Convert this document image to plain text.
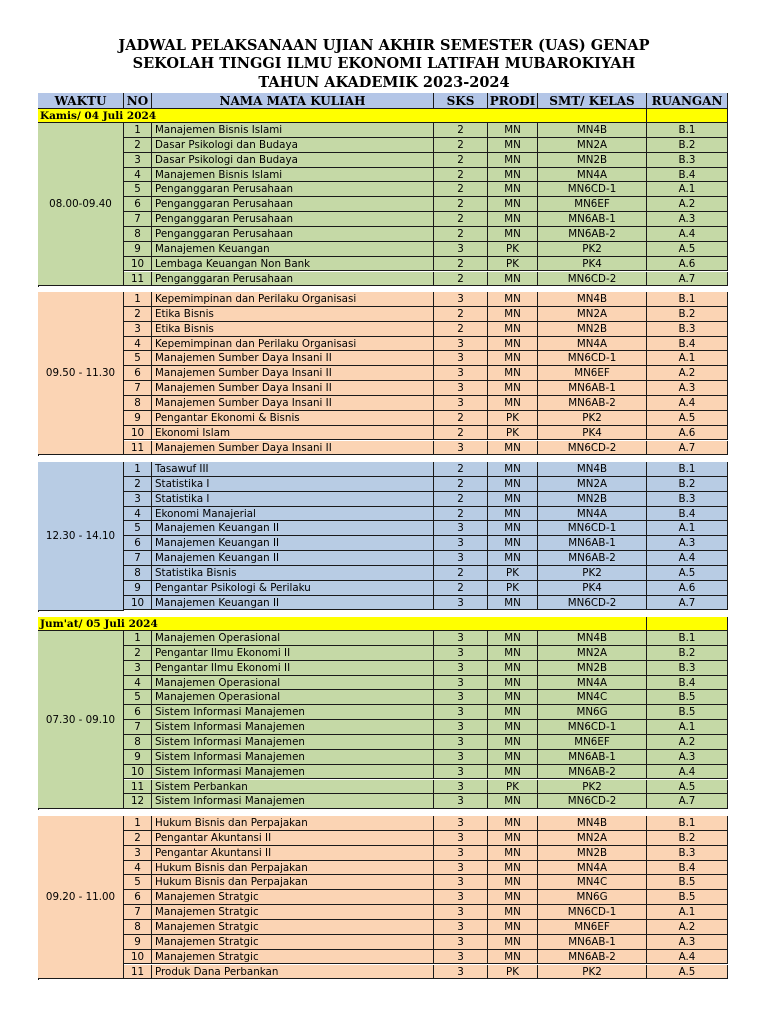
JADWAL PELAKSANAAN UJIAN AKHIR SEMESTER (UAS) GENAP
SEKOLAH TINGGI ILMU EKONOMI LATIFAH MUBAROKIYAH
TAHUN AKADEMIK 2023-2024
WAKTU	NO	NAMA MATA KULIAH	SKS	PRODI	SMT/ KELAS	RUANGAN
Kamis/ 04 Juli 2024
08.00-09.40
1	Manajemen Bisnis Islami	2	MN	MN4B	B.1
2	Dasar Psikologi dan Budaya	2	MN	MN2A	B.2
3	Dasar Psikologi dan Budaya	2	MN	MN2B	B.3
4	Manajemen Bisnis Islami	2	MN	MN4A	B.4
5	Penganggaran Perusahaan	2	MN	MN6CD-1	A.1
6	Penganggaran Perusahaan	2	MN	MN6EF	A.2
7	Penganggaran Perusahaan	2	MN	MN6AB-1	A.3
8	Penganggaran Perusahaan	2	MN	MN6AB-2	A.4
9	Manajemen Keuangan	3	PK	PK2	A.5
10	Lembaga Keuangan Non Bank	2	PK	PK4	A.6
11	Penganggaran Perusahaan	2	MN	MN6CD-2	A.7
09.50 - 11.30
1	Kepemimpinan dan Perilaku Organisasi	3	MN	MN4B	B.1
2	Etika Bisnis	2	MN	MN2A	B.2
3	Etika Bisnis	2	MN	MN2B	B.3
4	Kepemimpinan dan Perilaku Organisasi	3	MN	MN4A	B.4
5	Manajemen Sumber Daya Insani II	3	MN	MN6CD-1	A.1
6	Manajemen Sumber Daya Insani II	3	MN	MN6EF	A.2
7	Manajemen Sumber Daya Insani II	3	MN	MN6AB-1	A.3
8	Manajemen Sumber Daya Insani II	3	MN	MN6AB-2	A.4
9	Pengantar Ekonomi & Bisnis	2	PK	PK2	A.5
10	Ekonomi Islam	2	PK	PK4	A.6
11	Manajemen Sumber Daya Insani II	3	MN	MN6CD-2	A.7
12.30 - 14.10
1	Tasawuf III	2	MN	MN4B	B.1
2	Statistika I	2	MN	MN2A	B.2
3	Statistika I	2	MN	MN2B	B.3
4	Ekonomi Manajerial	2	MN	MN4A	B.4
5	Manajemen Keuangan II	3	MN	MN6CD-1	A.1
6	Manajemen Keuangan II	3	MN	MN6AB-1	A.3
7	Manajemen Keuangan II	3	MN	MN6AB-2	A.4
8	Statistika Bisnis	2	PK	PK2	A.5
9	Pengantar Psikologi & Perilaku	2	PK	PK4	A.6
10	Manajemen Keuangan II	3	MN	MN6CD-2	A.7
Jum'at/ 05 Juli 2024
07.30 - 09.10
1	Manajemen Operasional	3	MN	MN4B	B.1
2	Pengantar Ilmu Ekonomi II	3	MN	MN2A	B.2
3	Pengantar Ilmu Ekonomi II	3	MN	MN2B	B.3
4	Manajemen Operasional	3	MN	MN4A	B.4
5	Manajemen Operasional	3	MN	MN4C	B.5
6	Sistem Informasi Manajemen	3	MN	MN6G	B.5
7	Sistem Informasi Manajemen	3	MN	MN6CD-1	A.1
8	Sistem Informasi Manajemen	3	MN	MN6EF	A.2
9	Sistem Informasi Manajemen	3	MN	MN6AB-1	A.3
10	Sistem Informasi Manajemen	3	MN	MN6AB-2	A.4
11	Sistem Perbankan	3	PK	PK2	A.5
12	Sistem Informasi Manajemen	3	MN	MN6CD-2	A.7
09.20 - 11.00
1	Hukum Bisnis dan Perpajakan	3	MN	MN4B	B.1
2	Pengantar Akuntansi II	3	MN	MN2A	B.2
3	Pengantar Akuntansi II	3	MN	MN2B	B.3
4	Hukum Bisnis dan Perpajakan	3	MN	MN4A	B.4
5	Hukum Bisnis dan Perpajakan	3	MN	MN4C	B.5
6	Manajemen Stratgic	3	MN	MN6G	B.5
7	Manajemen Stratgic	3	MN	MN6CD-1	A.1
8	Manajemen Stratgic	3	MN	MN6EF	A.2
9	Manajemen Stratgic	3	MN	MN6AB-1	A.3
10	Manajemen Stratgic	3	MN	MN6AB-2	A.4
11	Produk Dana Perbankan	3	PK	PK2	A.5
